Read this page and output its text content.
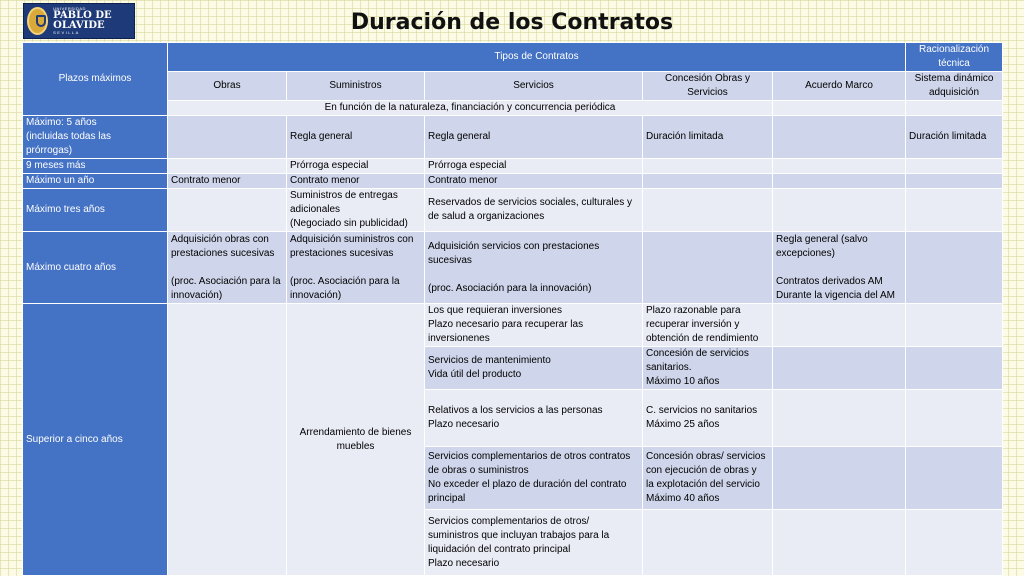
UNIVERSIDAD
PABLO DE OLAVIDE
SEVILLA	Duración de los Contratos
Plazos máximos	Tipos de Contratos					Racionalización técnica
	Obras	Suministros	Servicios	Concesión Obras y
Servicios	Acuerdo Marco	Sistema dinámico
adquisición
	En función de la naturaleza, financiación y concurrencia periódica					
Máximo: 5 años
(incluidas todas las
prórrogas)		Regla general	Regla general	Duración limitada		Duración limitada
9 meses más		Prórroga especial	Prórroga especial			
Máximo un año	Contrato menor	Contrato menor	Contrato menor			
Máximo tres años		Suministros de entregas
adicionales
(Negociado sin publicidad)	Reservados de servicios sociales, culturales y
de salud a organizaciones			
Máximo cuatro años	Adquisición obras con
prestaciones sucesivas

(proc. Asociación para la
innovación)	Adquisición suministros con
prestaciones sucesivas

(proc. Asociación para la
innovación)	Adquisición servicios con prestaciones
sucesivas

(proc. Asociación para la innovación)		Regla general (salvo
excepciones)

Contratos derivados AM
Durante la vigencia del AM	
Superior a cinco años		Arrendamiento de bienes
muebles	Los que requieran inversiones
Plazo necesario para recuperar las
inversionenes	Plazo razonable para
recuperar inversión y
obtención de rendimiento		
			Servicios de mantenimiento
Vida útil del producto	Concesión de servicios
sanitarios.
Máximo 10 años		
			Relativos a los servicios a las personas
Plazo necesario	C. servicios no sanitarios
Máximo 25 años		
			Servicios complementarios de otros contratos
de obras o suministros
No exceder el plazo de duración del contrato
principal	Concesión obras/ servicios
con ejecución de obras y
la explotación del servicio
Máximo 40 años		
			Servicios complementarios de otros/
suministros que incluyan trabajos para la
liquidación del contrato principal
Plazo necesario			
